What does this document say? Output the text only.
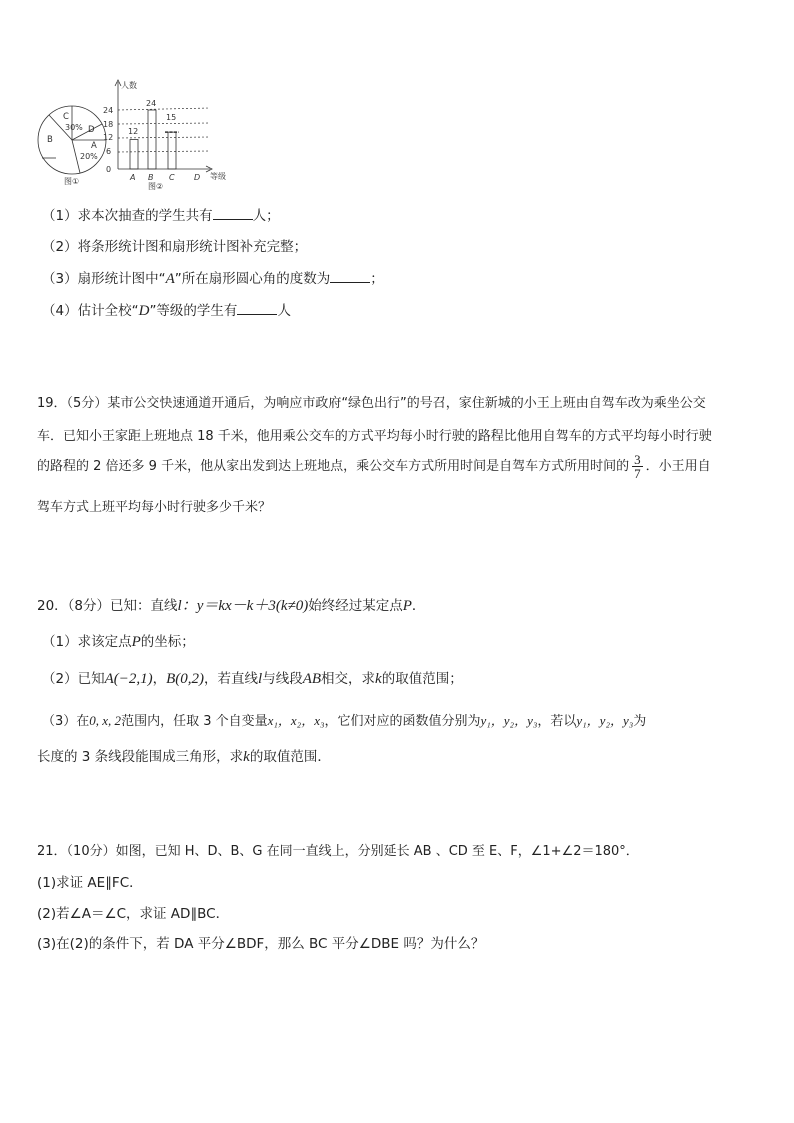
C
30% D
B
A
20%
图①
人数
24
18
12
6
0
12
24
15
A B C D 等级
图②
（1）求本次抽查的学生共有	人；
（2）将条形统计图和扇形统计图补充完整；
（3）扇形统计图中“A”所在扇形圆心角的度数为	；
（4）估计全校“D”等级的学生有	人
19．（5分）某市公交快速通道开通后，为响应市政府“绿色出行”的号召，家住新城的小王上班由自驾车改为乘坐公交
车．已知小王家距上班地点 18 千米，他用乘公交车的方式平均每小时行驶的路程比他用自驾车的方式平均每小时行驶
的路程的 2 倍还多 9 千米，他从家出发到达上班地点，乘公交车方式所用时间是自驾车方式所用时间的 $\frac{3}{7}$ ．小王用自
驾车方式上班平均每小时行驶多少千米？
20．（8分）已知：直线l：y＝kx－k＋3(k≠0)始终经过某定点P．
（1）求该定点P的坐标；
（2）已知A(−2,1)，B(0,2)，若直线l与线段AB相交，求k的取值范围；
（3）在0, x, 2范围内，任取 3 个自变量x₁，x₂，x₃，它们对应的函数值分别为y₁，y₂，y₃，若以y₁，y₂，y₃为
长度的 3 条线段能围成三角形，求k的取值范围．
21．（10分）如图，已知 H、D、B、G 在同一直线上，分别延长 AB 、CD 至 E、F，∠1+∠2＝180°．
(1)求证 AE∥FC．
(2)若∠A＝∠C，求证 AD∥BC．
(3)在(2)的条件下，若 DA 平分∠BDF，那么 BC 平分∠DBE 吗？为什么？
